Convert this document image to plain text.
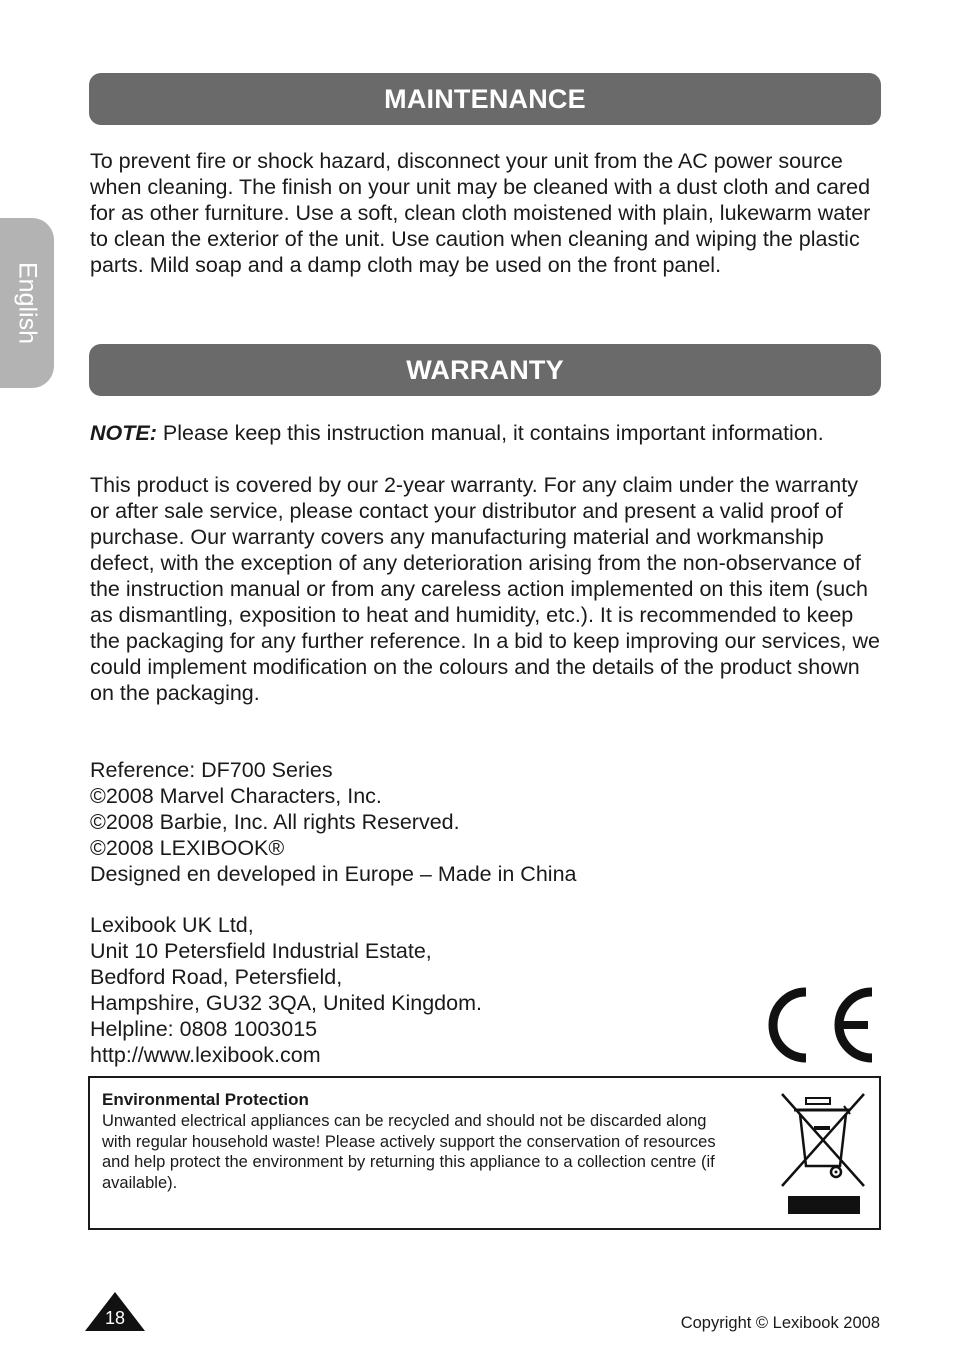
English
MAINTENANCE

To prevent fire or shock hazard, disconnect your unit from the AC power source when cleaning. The finish on your unit may be cleaned with a dust cloth and cared for as other furniture. Use a soft, clean cloth moistened with plain, lukewarm water to clean the exterior of the unit. Use caution when cleaning and wiping the plastic parts. Mild soap and a damp cloth may be used on the front panel.

WARRANTY

NOTE: Please keep this instruction manual, it contains important information.

This product is covered by our 2-year warranty. For any claim under the warranty or after sale service, please contact your distributor and present a valid proof of purchase. Our warranty covers any manufacturing material and workmanship defect, with the exception of any deterioration arising from the non-observance of the instruction manual or from any careless action implemented on this item (such as dismantling, exposition to heat and humidity, etc.). It is recommended to keep the packaging for any further reference. In a bid to keep improving our services, we could implement modification on the colours and the details of the product shown on the packaging.

Reference: DF700 Series
©2008 Marvel Characters, Inc.
©2008 Barbie, Inc. All rights Reserved.
©2008 LEXIBOOK®
Designed en developed in Europe – Made in China
Lexibook UK Ltd,
Unit 10 Petersfield Industrial Estate,
Bedford Road, Petersfield,
Hampshire, GU32 3QA, United Kingdom.
Helpline: 0808 1003015
http://www.lexibook.com
Environmental Protection

Unwanted electrical appliances can be recycled and should not be discarded along with regular household waste! Please actively support the conservation of resources and help protect the environment by returning this appliance to a collection centre (if available).

18	Copyright © Lexibook 2008
